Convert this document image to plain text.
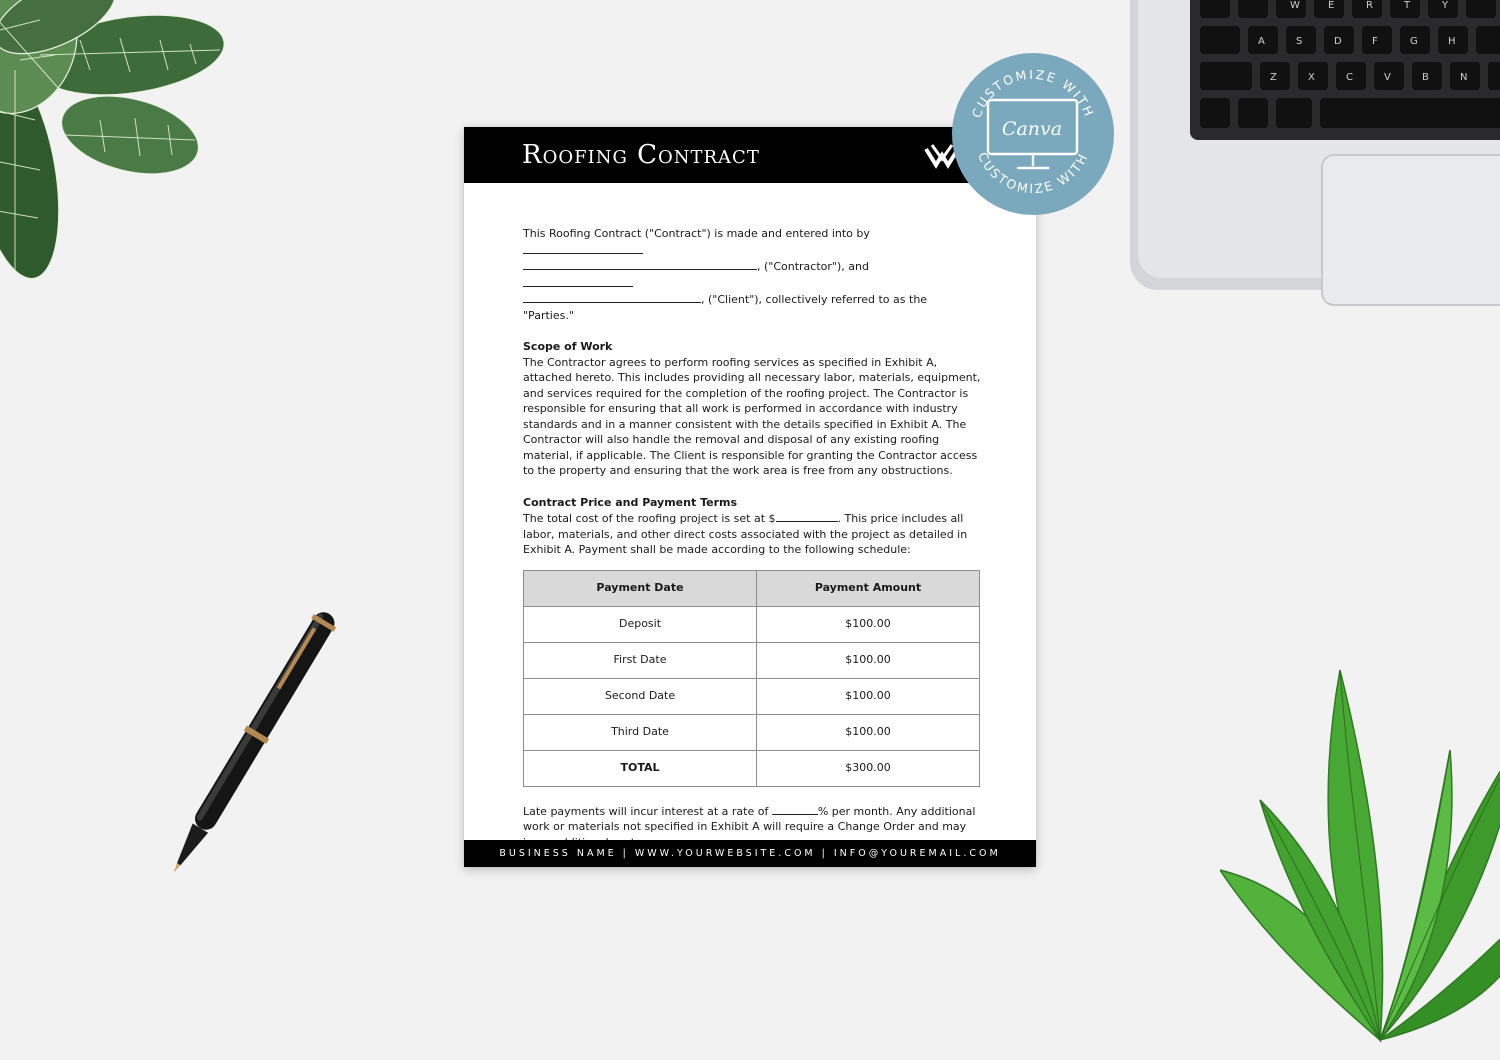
W	E	R	T	Y
A	S	D	F	G	H
Z	X	C	V	B	N
Roofing Contract

This Roofing Contract ("Contract") is made and entered into by
, ("Contractor"), and
, ("Client"), collectively referred to as the "Parties."

Scope of Work

The Contractor agrees to perform roofing services as specified in Exhibit A, attached hereto. This includes providing all necessary labor, materials, equipment, and services required for the completion of the roofing project. The Contractor is responsible for ensuring that all work is performed in accordance with industry standards and in a manner consistent with the details specified in Exhibit A. The Contractor will also handle the removal and disposal of any existing roofing material, if applicable. The Client is responsible for granting the Contractor access to the property and ensuring that the work area is free from any obstructions.

Contract Price and Payment Terms

The total cost of the roofing project is set at $	. This price includes all labor, materials, and other direct costs associated with the project as detailed in Exhibit A. Payment shall be made according to the following schedule:

Payment Date	Payment Amount
Deposit	$100.00
First Date	$100.00
Second Date	$100.00
Third Date	$100.00
TOTAL	$300.00

Late payments will incur interest at a rate of	% per month. Any additional work or materials not specified in Exhibit A will require a Change Order and may

BUSINESS NAME | WWW.YOURWEBSITE.COM | INFO@YOUREMAIL.COM
CUSTOMIZE WITH
CUSTOMIZE WITH
Canva
